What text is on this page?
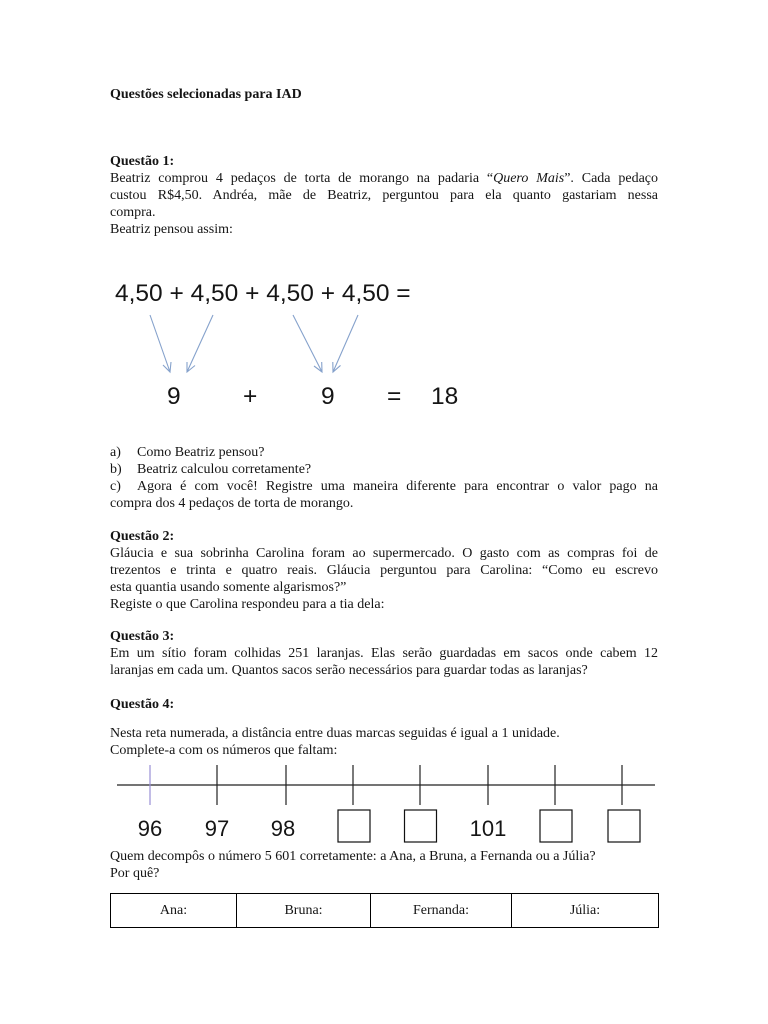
Questões selecionadas para IAD
Questão 1:
Beatriz comprou 4 pedaços de torta de morango na padaria “Quero Mais”. Cada pedaço
custou R$4,50. Andréa, mãe de Beatriz, perguntou para ela quanto gastariam nessa
compra.
Beatriz pensou assim:
4,50 + 4,50 + 4,50 + 4,50 =
9	+	9 = 18
a) Como Beatriz pensou?
b) Beatriz calculou corretamente?
c) Agora é com você! Registre uma maneira diferente para encontrar o valor pago na
compra dos 4 pedaços de torta de morango.
Questão 2:
Gláucia e sua sobrinha Carolina foram ao supermercado. O gasto com as compras foi de
trezentos e trinta e quatro reais. Gláucia perguntou para Carolina: “Como eu escrevo
esta quantia usando somente algarismos?”
Registe o que Carolina respondeu para a tia dela:
Questão 3:
Em um sítio foram colhidas 251 laranjas. Elas serão guardadas em sacos onde cabem 12
laranjas em cada um. Quantos sacos serão necessários para guardar todas as laranjas?
Questão 4:
Nesta reta numerada, a distância entre duas marcas seguidas é igual a 1 unidade.
Complete-a com os números que faltam:
96 97 98	101
Quem decompôs o número 5 601 corretamente: a Ana, a Bruna, a Fernanda ou a Júlia?
Por quê?
Ana:	Bruna:	Fernanda:	Júlia:
